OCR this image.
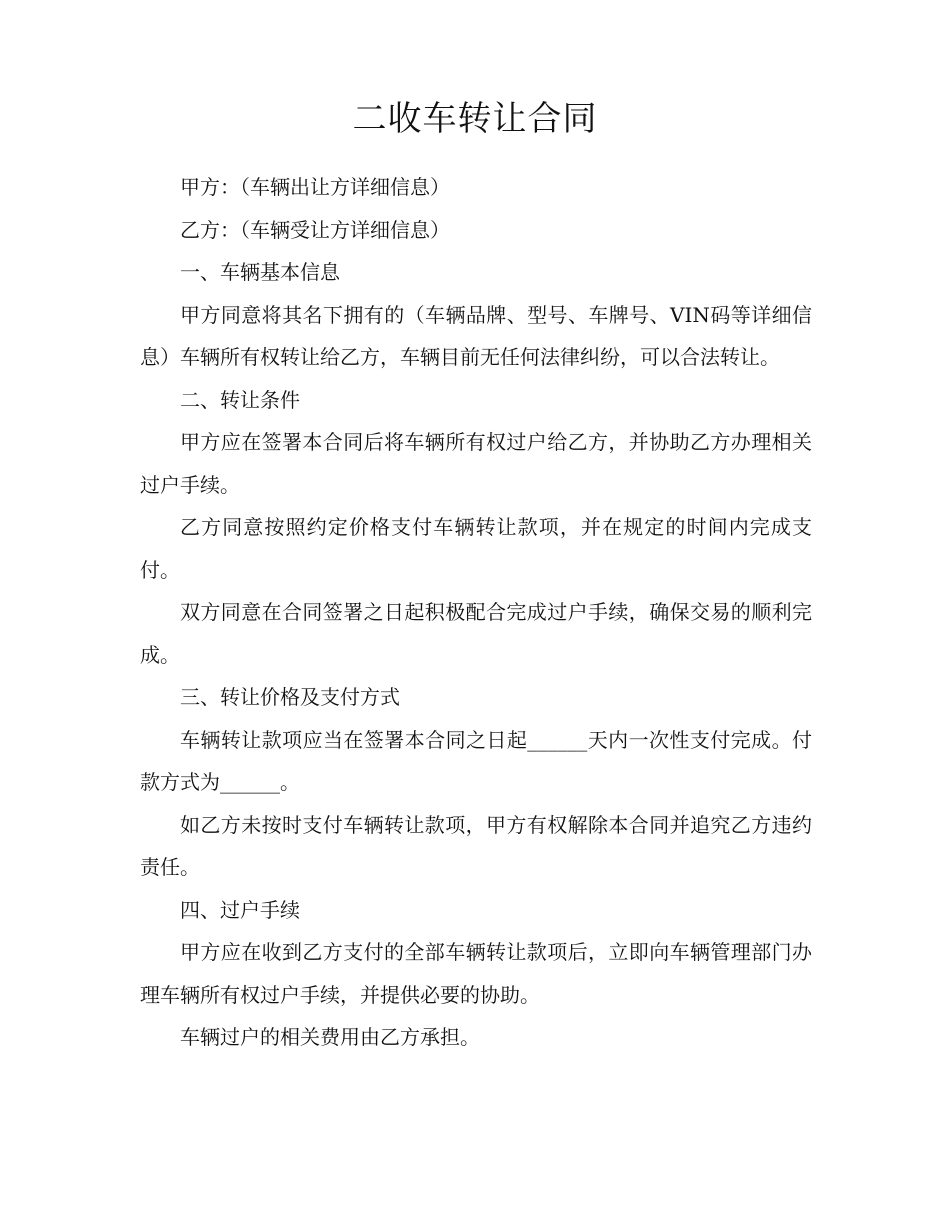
二收车转让合同

甲方：（车辆出让方详细信息）

乙方：（车辆受让方详细信息）

一、车辆基本信息

甲方同意将其名下拥有的（车辆品牌、型号、车牌号、VIN码等详细信息）车辆所有权转让给乙方，车辆目前无任何法律纠纷，可以合法转让。

二、转让条件

甲方应在签署本合同后将车辆所有权过户给乙方，并协助乙方办理相关过户手续。

乙方同意按照约定价格支付车辆转让款项，并在规定的时间内完成支付。

双方同意在合同签署之日起积极配合完成过户手续，确保交易的顺利完成。

三、转让价格及支付方式

车辆转让款项应当在签署本合同之日起______天内一次性支付完成。付款方式为______。

如乙方未按时支付车辆转让款项，甲方有权解除本合同并追究乙方违约责任。

四、过户手续

甲方应在收到乙方支付的全部车辆转让款项后，立即向车辆管理部门办理车辆所有权过户手续，并提供必要的协助。

车辆过户的相关费用由乙方承担。
